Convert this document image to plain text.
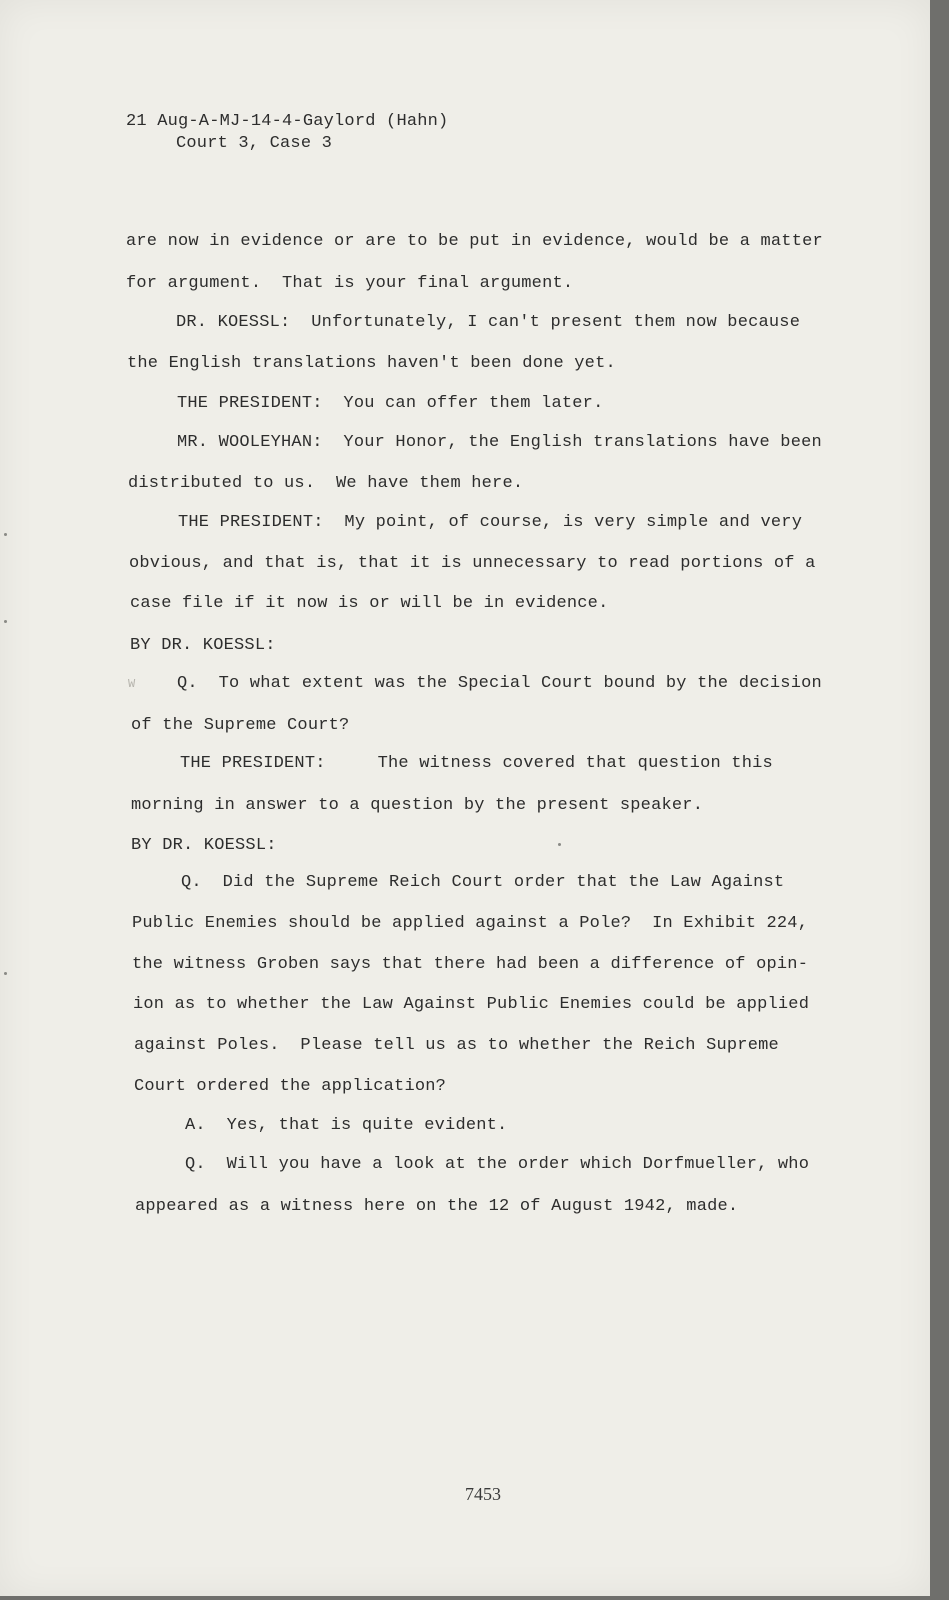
21 Aug-A-MJ-14-4-Gaylord (Hahn)
Court 3, Case 3
are now in evidence or are to be put in evidence, would be a matter
for argument.  That is your final argument.
DR. KOESSL:  Unfortunately, I can't present them now because
the English translations haven't been done yet.
THE PRESIDENT:  You can offer them later.
MR. WOOLEYHAN:  Your Honor, the English translations have been
distributed to us.  We have them here.
THE PRESIDENT:  My point, of course, is very simple and very
obvious, and that is, that it is unnecessary to read portions of a
case file if it now is or will be in evidence.
BY DR. KOESSL:
W Q.  To what extent was the Special Court bound by the decision
of the Supreme Court?
THE PRESIDENT:     The witness covered that question this
morning in answer to a question by the present speaker.
BY DR. KOESSL:
Q.  Did the Supreme Reich Court order that the Law Against
Public Enemies should be applied against a Pole?  In Exhibit 224,
the witness Groben says that there had been a difference of opin-
ion as to whether the Law Against Public Enemies could be applied
against Poles.  Please tell us as to whether the Reich Supreme
Court ordered the application?
A.  Yes, that is quite evident.
Q.  Will you have a look at the order which Dorfmueller, who
appeared as a witness here on the 12 of August 1942, made.
7453
